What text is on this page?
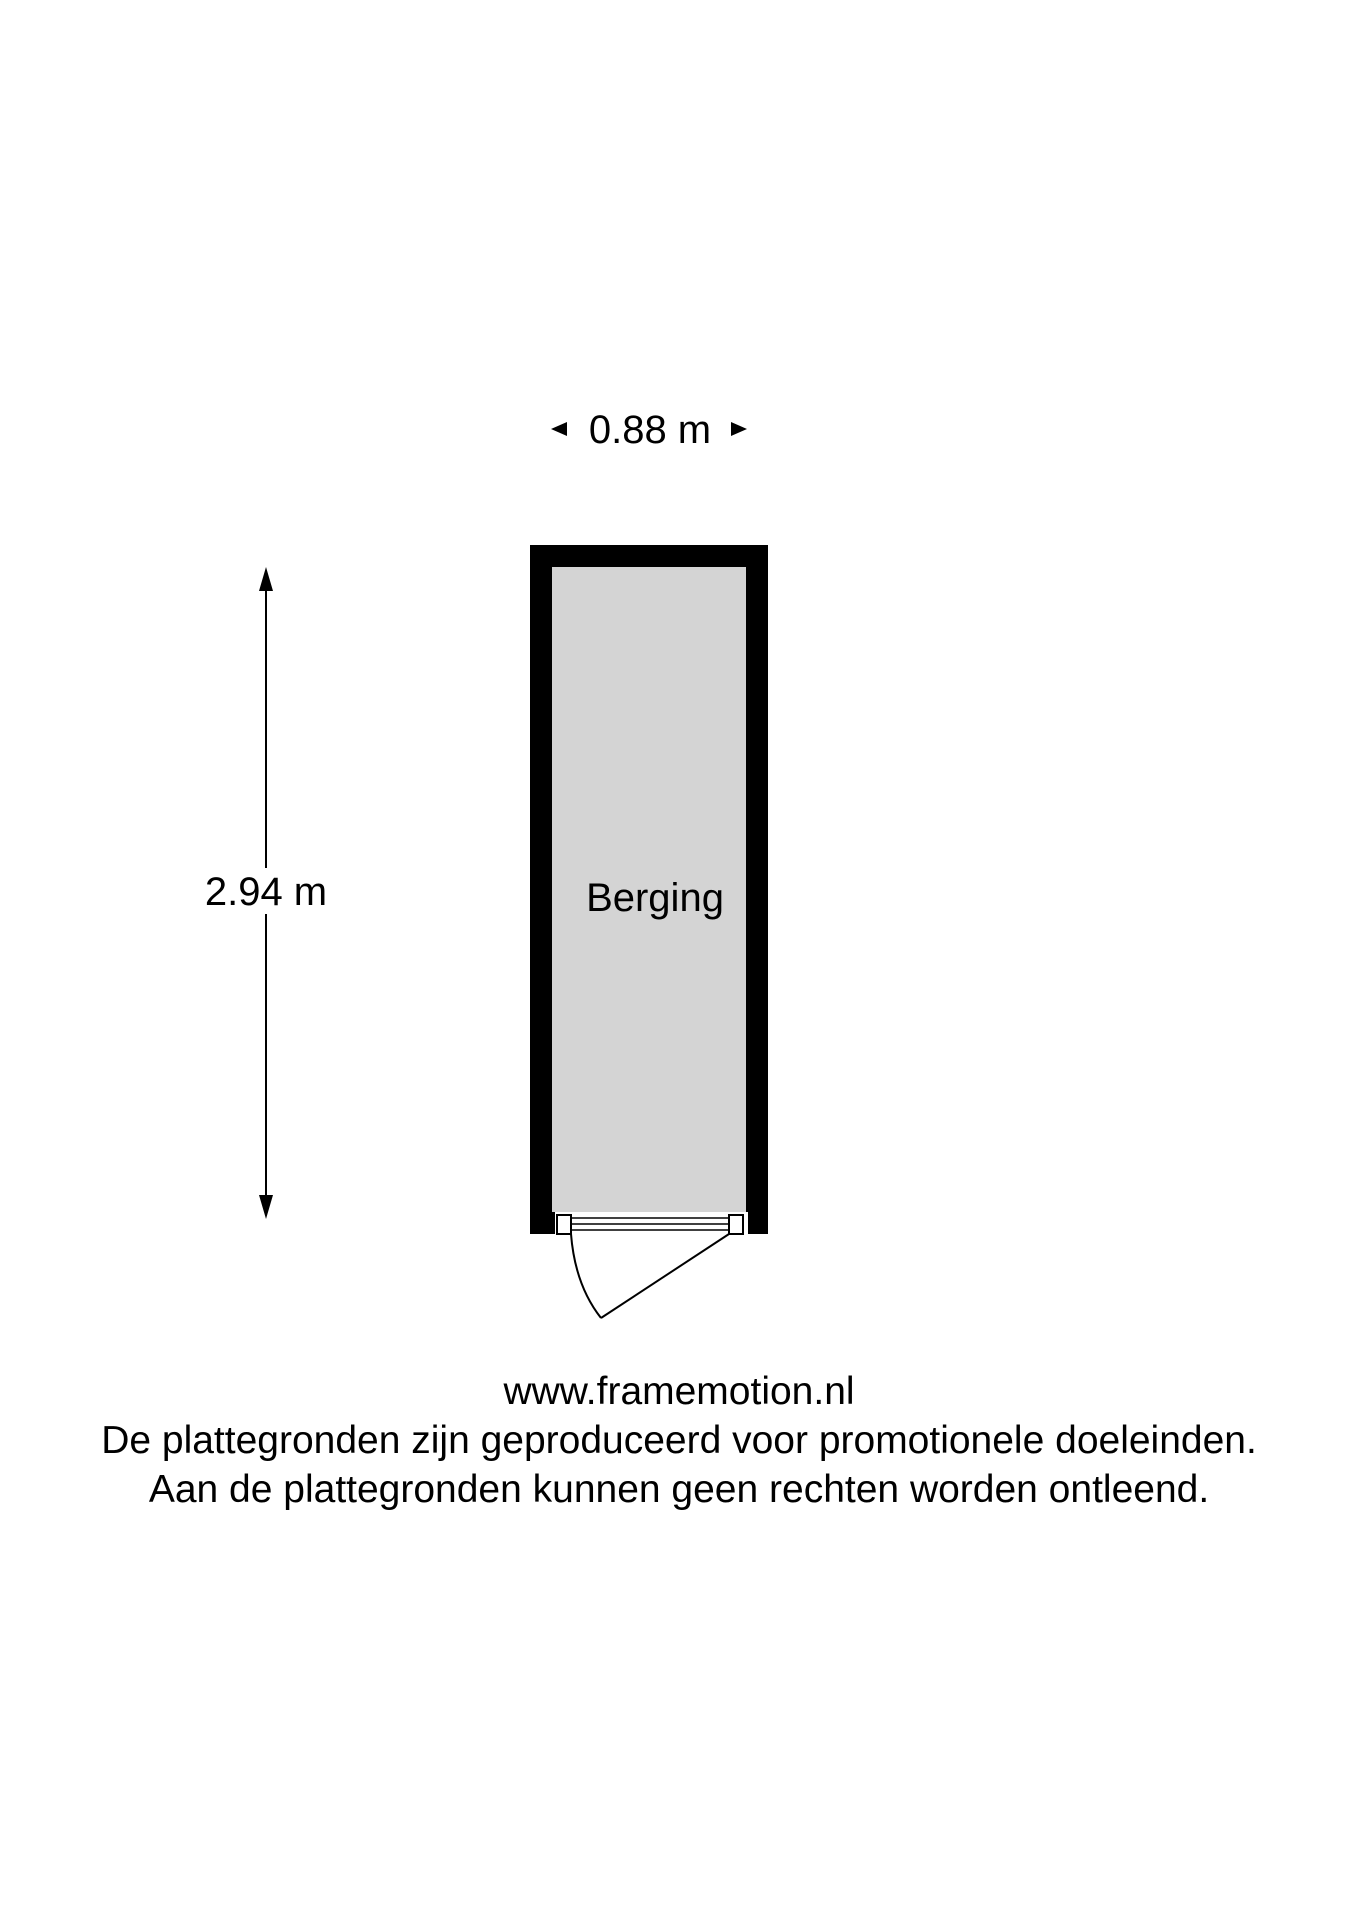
0.88 m
2.94 m	Berging
www.framemotion.nl
De plattegronden zijn geproduceerd voor promotionele doeleinden.
Aan de plattegronden kunnen geen rechten worden ontleend.
